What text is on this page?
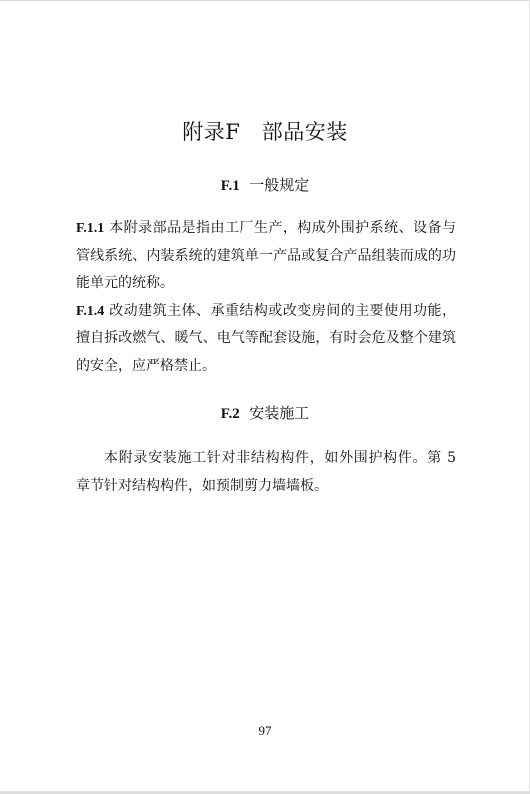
附录F　部品安装
F.1 一般规定
F.1.1 本附录部品是指由工厂生产，构成外围护系统、设备与管线系统、内装系统的建筑单一产品或复合产品组装而成的功能单元的统称。
F.1.4 改动建筑主体、承重结构或改变房间的主要使用功能，擅自拆改燃气、暖气、电气等配套设施，有时会危及整个建筑的安全，应严格禁止。
F.2 安装施工
本附录安装施工针对非结构构件，如外围护构件。第 5 章节针对结构构件，如预制剪力墙墙板。
97
